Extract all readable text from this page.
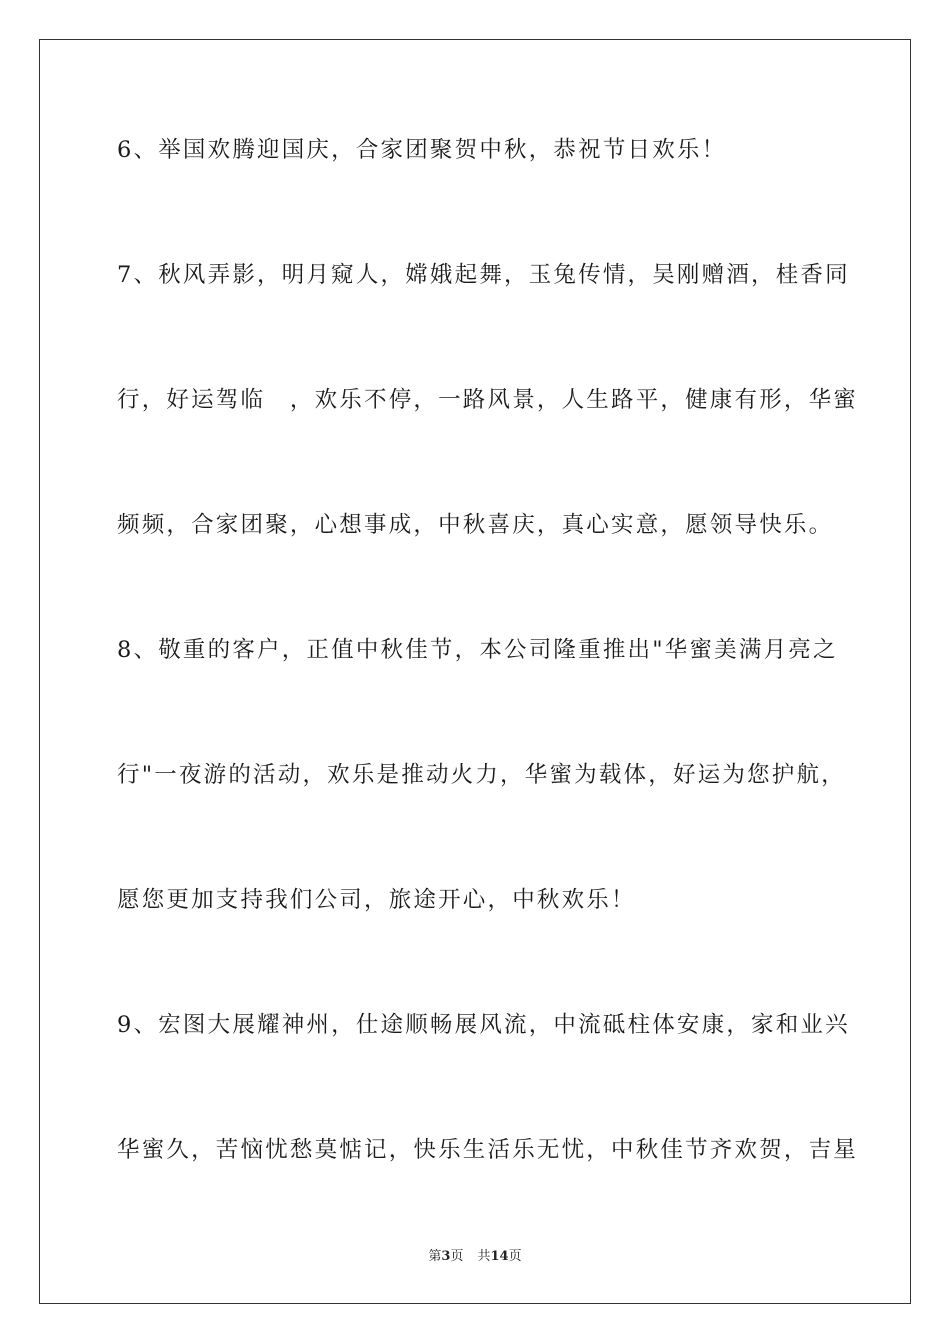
6、举国欢腾迎国庆，合家团聚贺中秋，恭祝节日欢乐！
7、秋风弄影，明月窥人，嫦娥起舞，玉兔传情，吴刚赠酒，桂香同
行，好运驾临　，欢乐不停，一路风景，人生路平，健康有形，华蜜
频频，合家团聚，心想事成，中秋喜庆，真心实意，愿领导快乐。
8、敬重的客户，正值中秋佳节，本公司隆重推出"华蜜美满月亮之
行"一夜游的活动，欢乐是推动火力，华蜜为载体，好运为您护航，
愿您更加支持我们公司，旅途开心，中秋欢乐！
9、宏图大展耀神州，仕途顺畅展风流，中流砥柱体安康，家和业兴
华蜜久，苦恼忧愁莫惦记，快乐生活乐无忧，中秋佳节齐欢贺，吉星
第3页 共14页
